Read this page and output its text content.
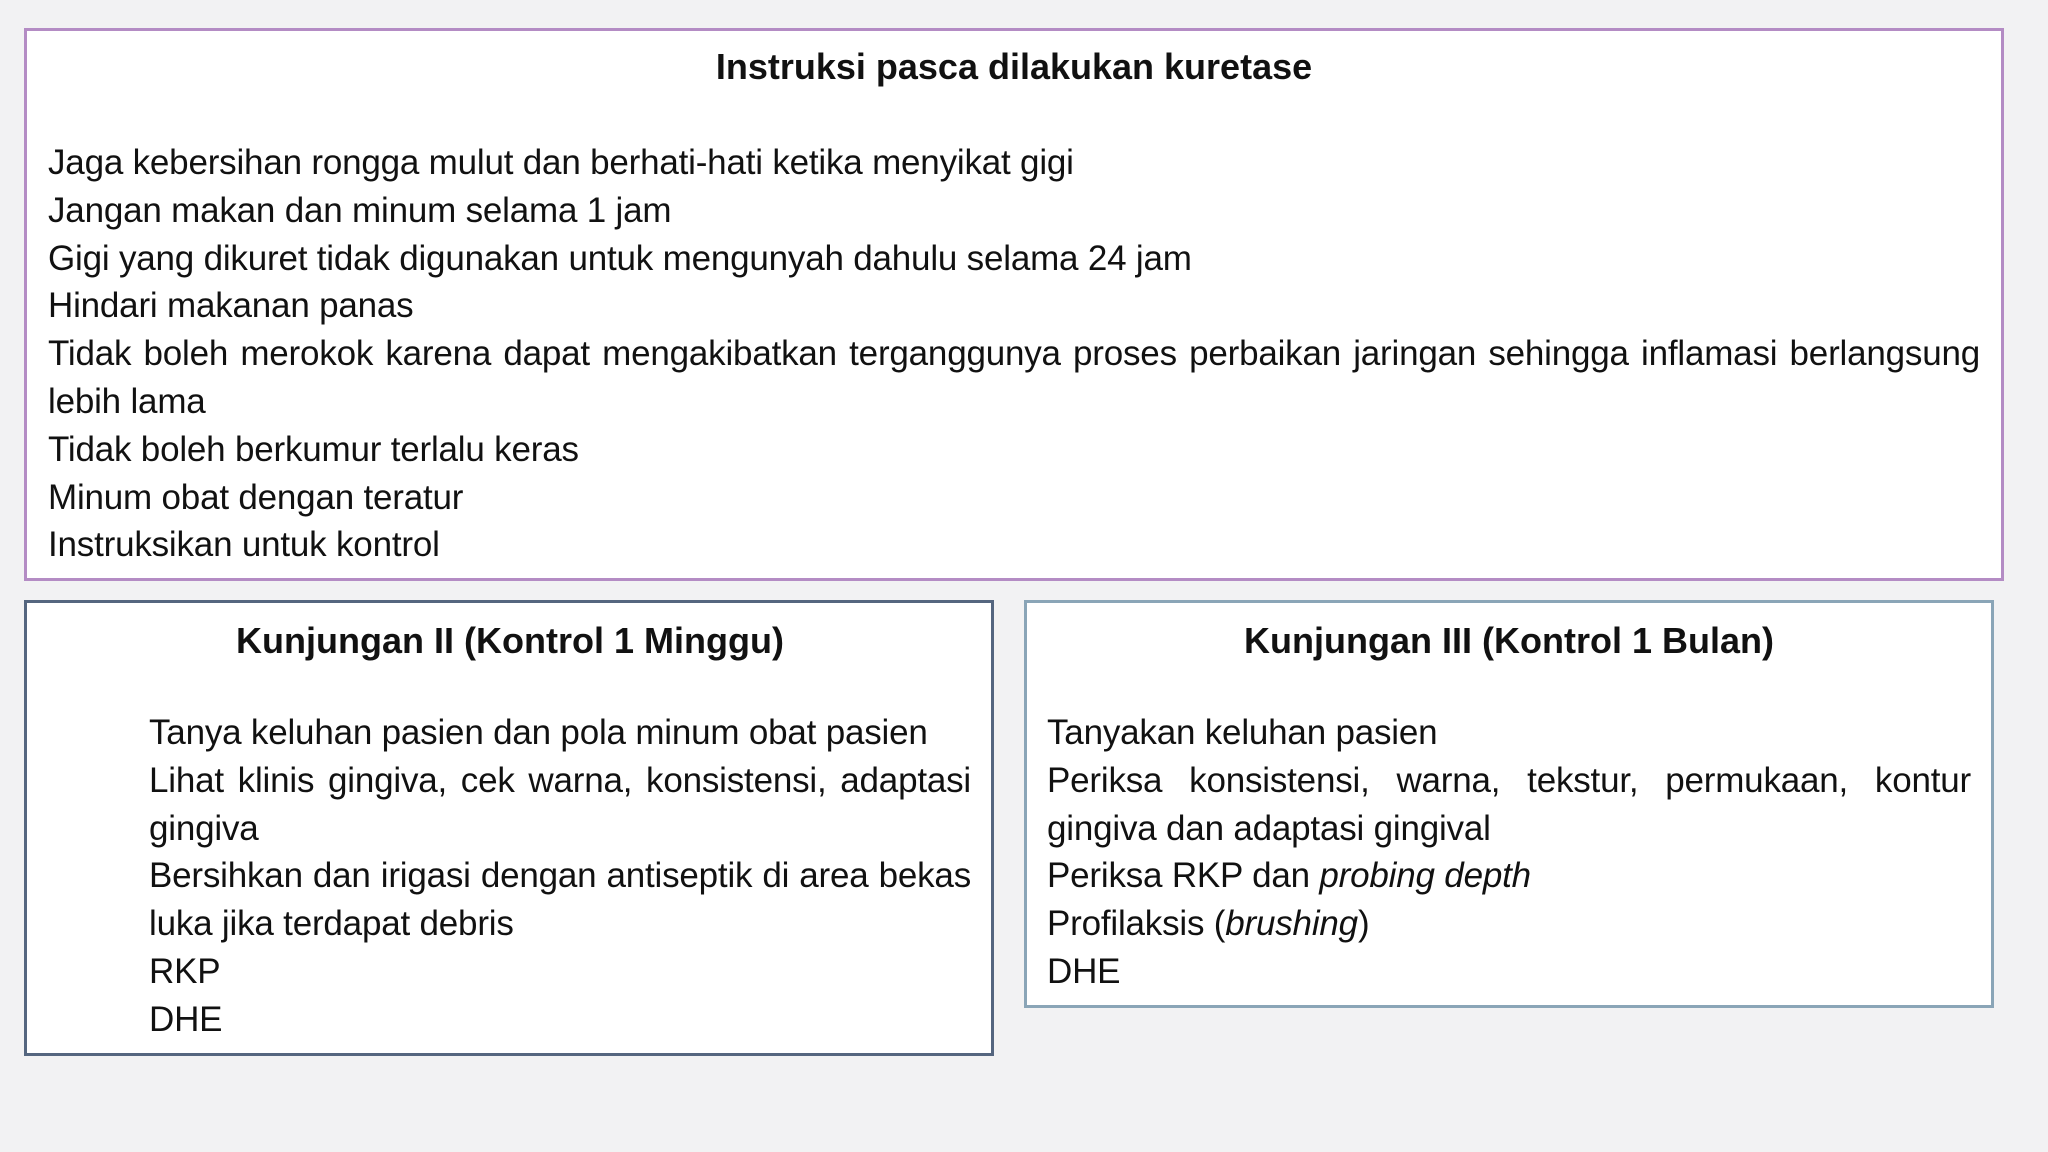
Instruksi pasca dilakukan kuretase

Jaga kebersihan rongga mulut dan berhati-hati ketika menyikat gigi

Jangan makan dan minum selama 1 jam

Gigi yang dikuret tidak digunakan untuk mengunyah dahulu selama 24 jam

Hindari makanan panas

Tidak boleh merokok karena dapat mengakibatkan terganggunya proses perbaikan jaringan sehingga inflamasi berlangsung lebih lama

Tidak boleh berkumur terlalu keras

Minum obat dengan teratur

Instruksikan untuk kontrol

Kunjungan II (Kontrol 1 Minggu)

Tanya keluhan pasien dan pola minum obat pasien

Lihat klinis gingiva, cek warna, konsistensi, adaptasi gingiva

Bersihkan dan irigasi dengan antiseptik di area bekas luka jika terdapat debris

RKP

DHE

Kunjungan III (Kontrol 1 Bulan)

Tanyakan keluhan pasien

Periksa konsistensi, warna, tekstur, permukaan, kontur gingiva dan adaptasi gingival

Periksa RKP dan probing depth

Profilaksis (brushing)

DHE
